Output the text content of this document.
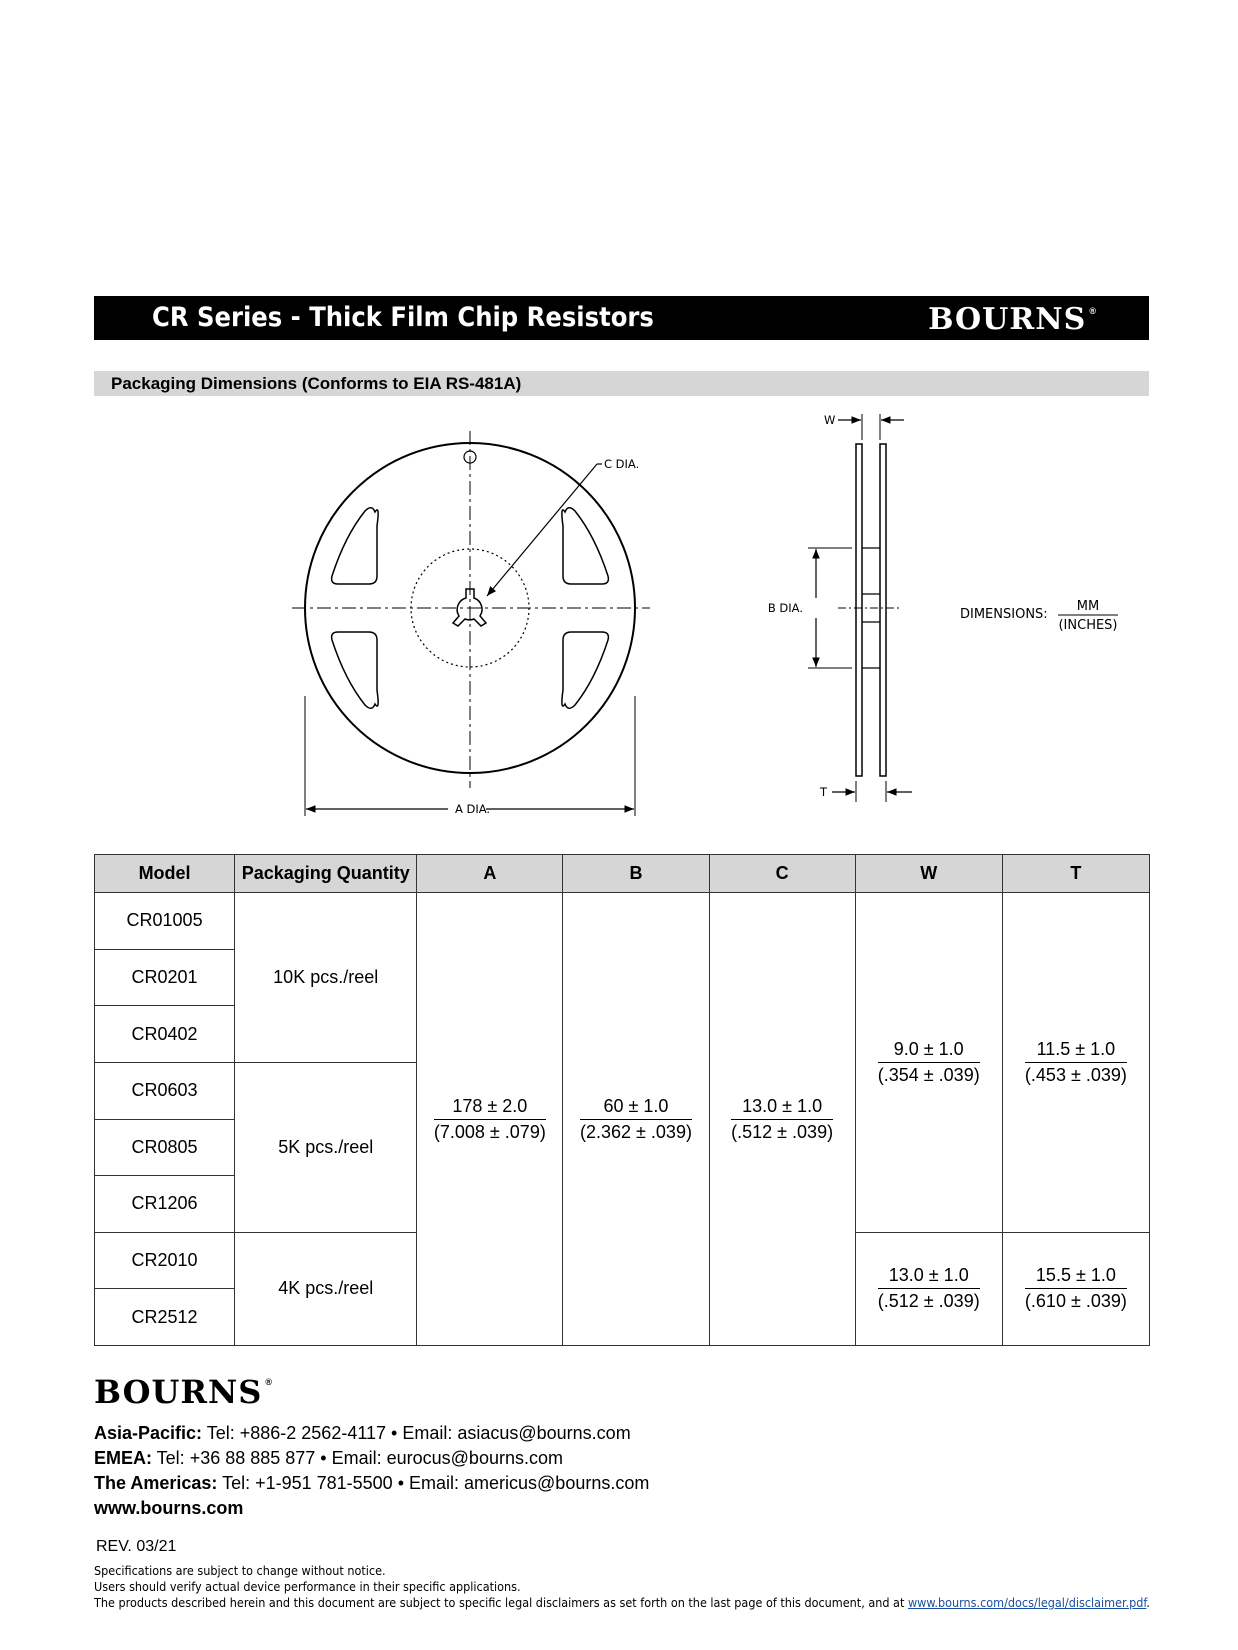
CR Series - Thick Film Chip Resistors	BOURNS ®
Packaging Dimensions (Conforms to EIA RS-481A)
C DIA.
A DIA.
W
B DIA.
T
DIMENSIONS:
MM
(INCHES)
Model	Packaging Quantity	A	B	C	W	T
CR01005	10K pcs./reel	$\frac{178 \pm 2.0}{(7.008 \pm .079)}$	$\frac{60 \pm 1.0}{(2.362 \pm .039)}$	$\frac{13.0 \pm 1.0}{(.512 \pm .039)}$	$\frac{9.0 \pm 1.0}{(.354 \pm .039)}$	$\frac{11.5 \pm 1.0}{(.453 \pm .039)}$

CR0201						
CR0402						
CR0603	5K pcs./reel					
CR0805						
CR1206						
CR2010	4K pcs./reel				$\frac{13.0 \pm 1.0}{(.512 \pm .039)}$	$\frac{15.5 \pm 1.0}{(.610 \pm .039)}$

CR2512						
BOURNS ®
Asia-Pacific: Tel: +886-2 2562-4117 • Email: asiacus@bourns.com
EMEA: Tel: +36 88 885 877 • Email: eurocus@bourns.com
The Americas: Tel: +1-951 781-5500 • Email: americus@bourns.com
www.bourns.com
REV. 03/21
Specifications are subject to change without notice.
Users should verify actual device performance in their specific applications.
The products described herein and this document are subject to specific legal disclaimers as set forth on the last page of this document, and at www.bourns.com/docs/legal/disclaimer.pdf.
